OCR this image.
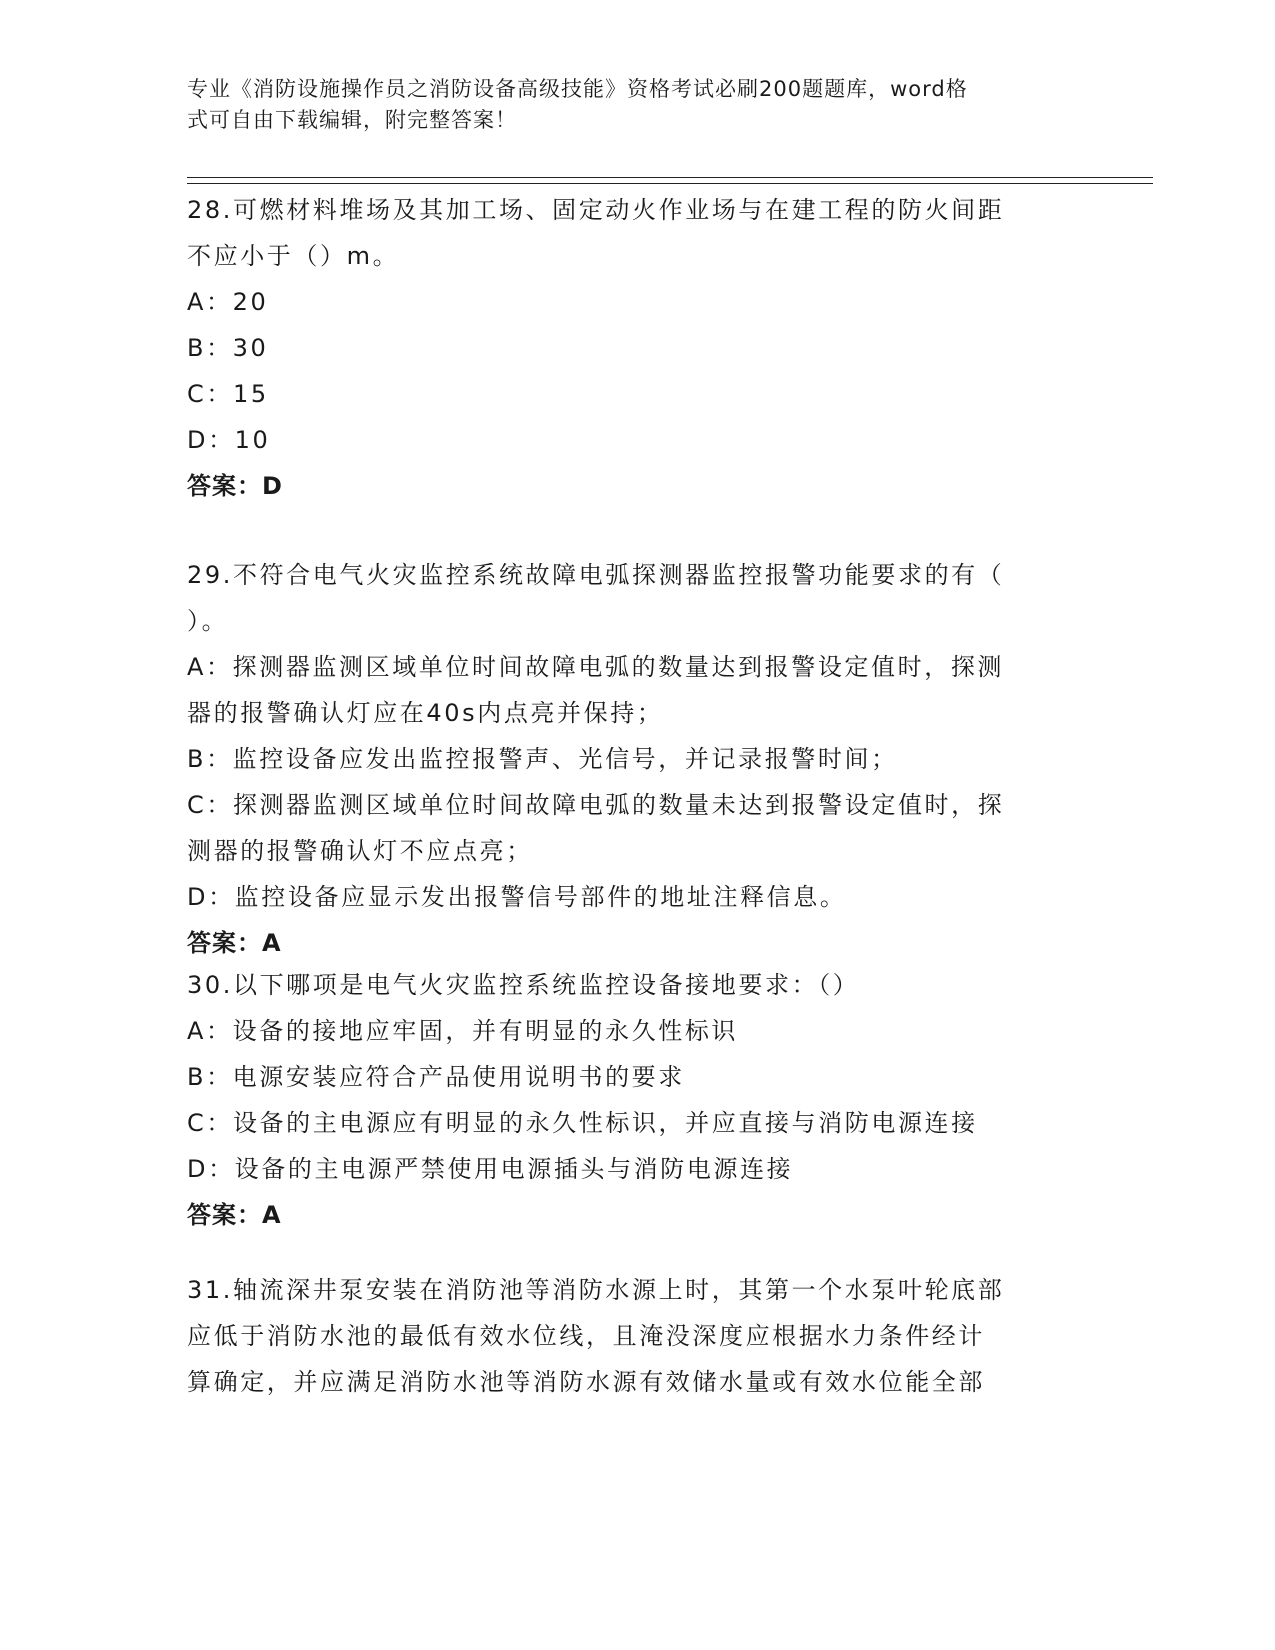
专业《消防设施操作员之消防设备高级技能》资格考试必刷200题题库，word格
式可自由下载编辑，附完整答案！
28.可燃材料堆场及其加工场、固定动火作业场与在建工程的防火间距
不应小于（）m。
A：20
B：30
C：15
D：10
答案：D
29.不符合电气火灾监控系统故障电弧探测器监控报警功能要求的有（
）。
A：探测器监测区域单位时间故障电弧的数量达到报警设定值时，探测
器的报警确认灯应在40s内点亮并保持；
B：监控设备应发出监控报警声、光信号，并记录报警时间；
C：探测器监测区域单位时间故障电弧的数量未达到报警设定值时，探
测器的报警确认灯不应点亮；
D：监控设备应显示发出报警信号部件的地址注释信息。
答案：A
30.以下哪项是电气火灾监控系统监控设备接地要求：（）
A：设备的接地应牢固，并有明显的永久性标识
B：电源安装应符合产品使用说明书的要求
C：设备的主电源应有明显的永久性标识，并应直接与消防电源连接
D：设备的主电源严禁使用电源插头与消防电源连接
答案：A
31.轴流深井泵安装在消防池等消防水源上时，其第一个水泵叶轮底部
应低于消防水池的最低有效水位线，且淹没深度应根据水力条件经计
算确定，并应满足消防水池等消防水源有效储水量或有效水位能全部
